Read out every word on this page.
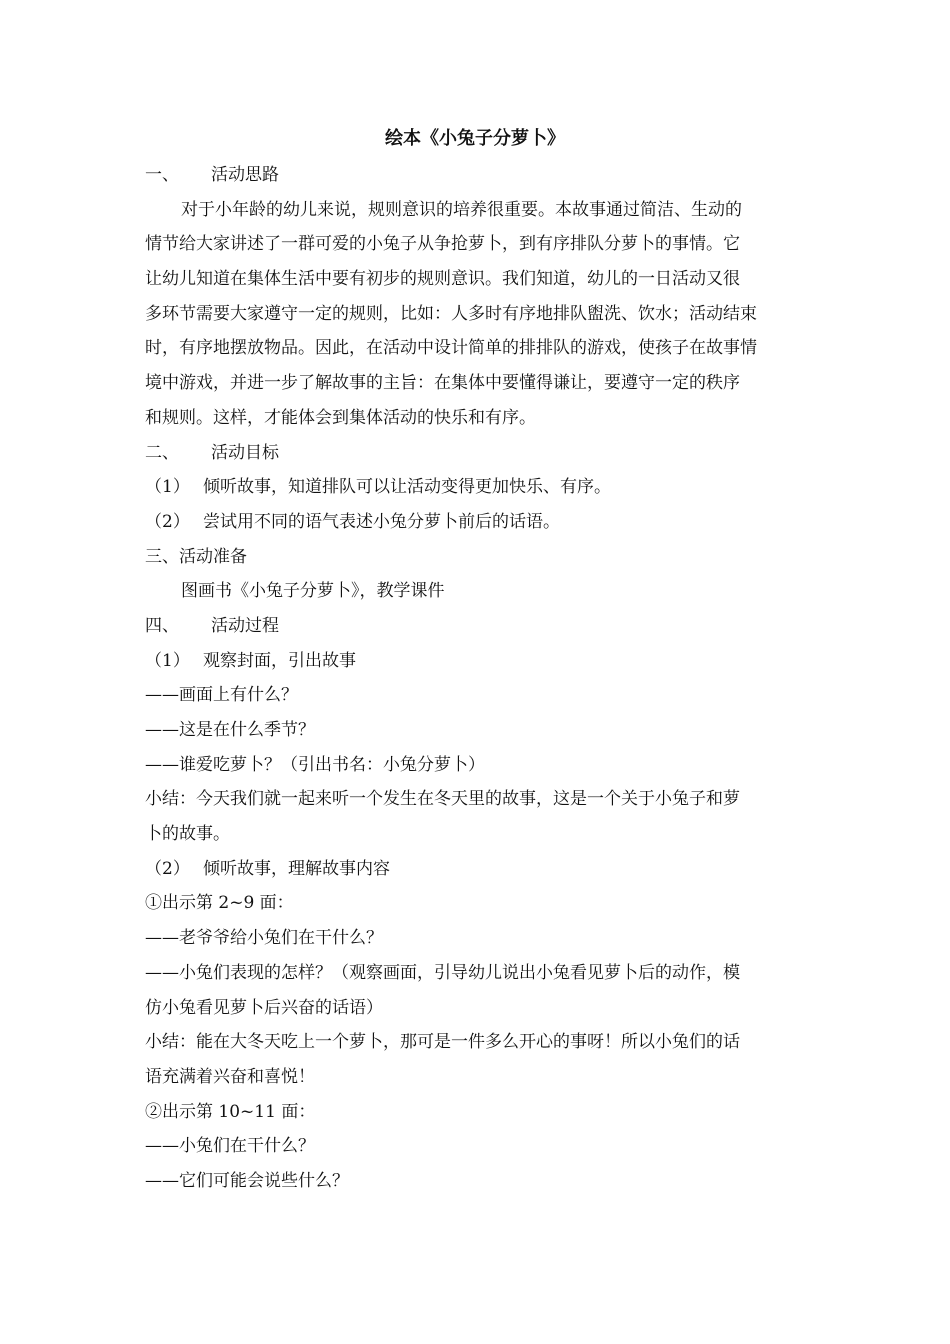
绘本《小兔子分萝卜》
一、	活动思路
对于小年龄的幼儿来说，规则意识的培养很重要。本故事通过简洁、生动的
情节给大家讲述了一群可爱的小兔子从争抢萝卜，到有序排队分萝卜的事情。它
让幼儿知道在集体生活中要有初步的规则意识。我们知道，幼儿的一日活动又很
多环节需要大家遵守一定的规则，比如：人多时有序地排队盥洗、饮水；活动结束
时，有序地摆放物品。因此，在活动中设计简单的排排队的游戏，使孩子在故事情
境中游戏，并进一步了解故事的主旨：在集体中要懂得谦让，要遵守一定的秩序
和规则。这样，才能体会到集体活动的快乐和有序。
二、	活动目标
（1） 倾听故事，知道排队可以让活动变得更加快乐、有序。
（2） 尝试用不同的语气表述小兔分萝卜前后的话语。
三、活动准备
图画书《小兔子分萝卜》，教学课件
四、	活动过程
（1） 观察封面，引出故事
——画面上有什么？
——这是在什么季节？
——谁爱吃萝卜？（引出书名：小兔分萝卜）
小结：今天我们就一起来听一个发生在冬天里的故事，这是一个关于小兔子和萝
卜的故事。
（2） 倾听故事，理解故事内容
①出示第 2~9 面：
——老爷爷给小兔们在干什么？
——小兔们表现的怎样？（观察画面，引导幼儿说出小兔看见萝卜后的动作，模
仿小兔看见萝卜后兴奋的话语）
小结：能在大冬天吃上一个萝卜，那可是一件多么开心的事呀！所以小兔们的话
语充满着兴奋和喜悦！
②出示第 10~11 面：
——小兔们在干什么？
——它们可能会说些什么？
